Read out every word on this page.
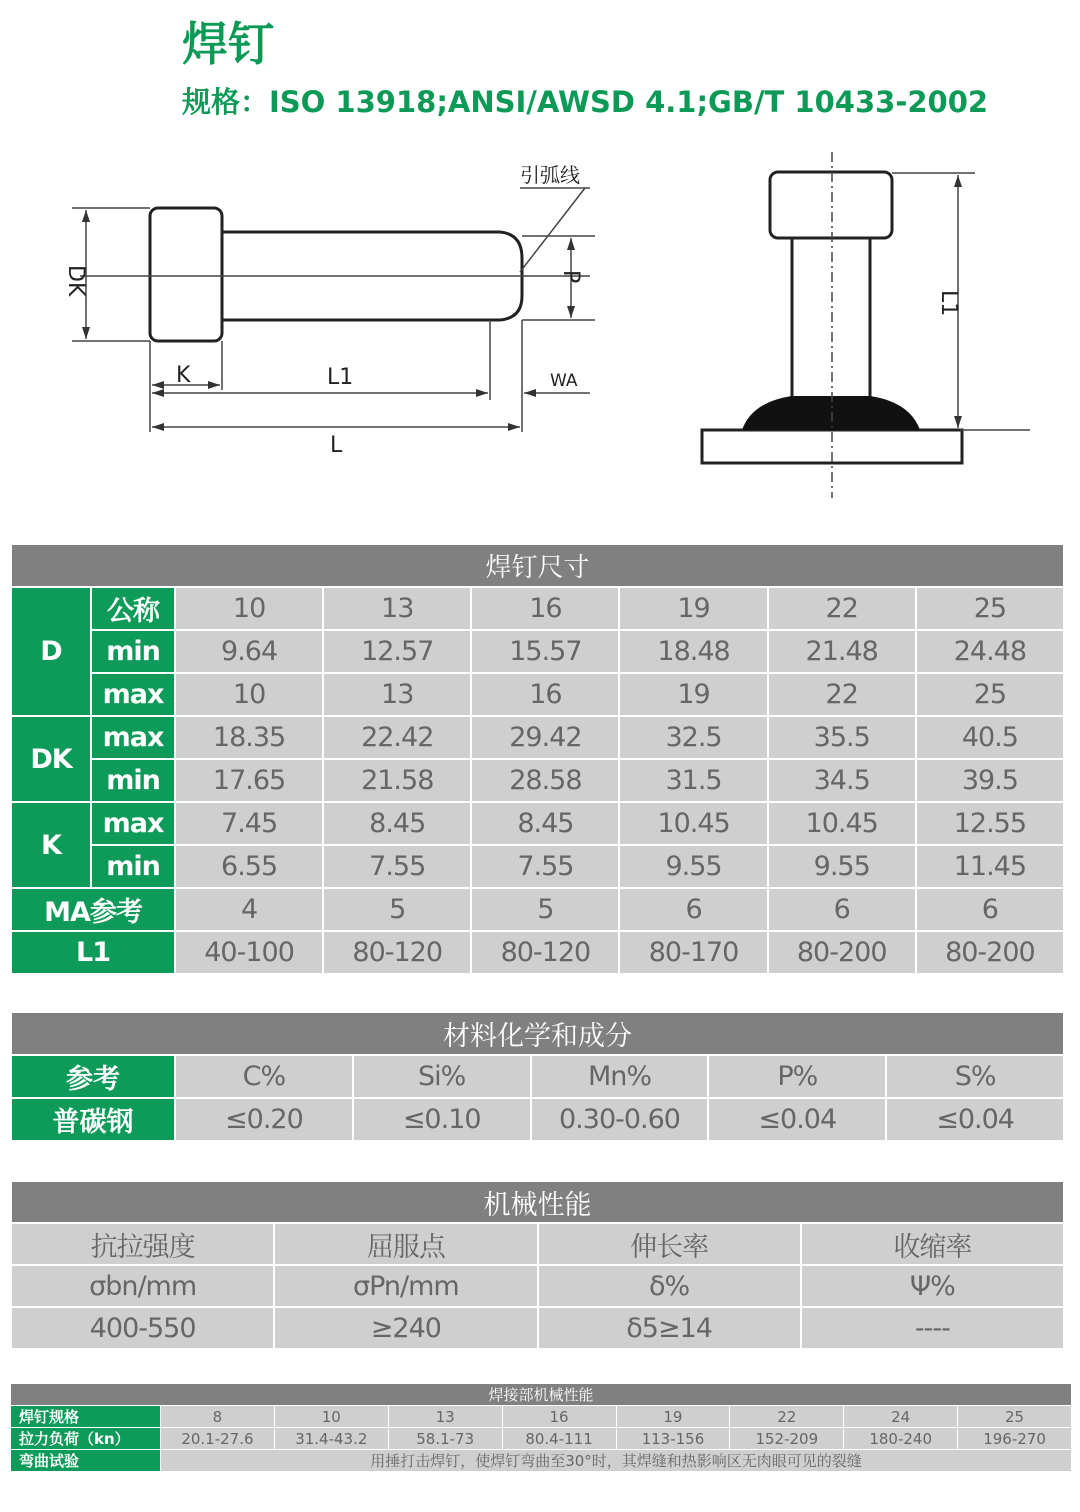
焊钉
规格：ISO 13918;ANSI/AWSD 4.1;GB/T 10433-2002
引弧线
DK	P
K	L1
L
WA
L1
焊钉尺寸							
D	公称	10	13	16	19	22	25
	min	9.64	12.57	15.57	18.48	21.48	24.48
	max	10	13	16	19	22	25
DK	max	18.35	22.42	29.42	32.5	35.5	40.5
	min	17.65	21.58	28.58	31.5	34.5	39.5
K	max	7.45	8.45	8.45	10.45	10.45	12.55
	min	6.55	7.55	7.55	9.55	9.55	11.45
MA参考		4	5	5	6	6	6
L1		40-100	80-120	80-120	80-170	80-200	80-200
材料化学和成分					
参考	C%	Si%	Mn%	P%	S%
普碳钢	≤0.20	≤0.10	0.30-0.60	≤0.04	≤0.04
机械性能			
抗拉强度	屈服点	伸长率	收缩率
σbn/mm	σPn/mm	δ%	Ψ%
400-550	≥240	δ5≥14	----
焊接部机械性能								
焊钉规格	8	10	13	16	19	22	24	25
拉力负荷（kn）	20.1-27.6	31.4-43.2	58.1-73	80.4-111	113-156	152-209	180-240	196-270
弯曲试验	用捶打击焊钉，使焊钉弯曲至30°时，其焊缝和热影响区无肉眼可见的裂缝							
